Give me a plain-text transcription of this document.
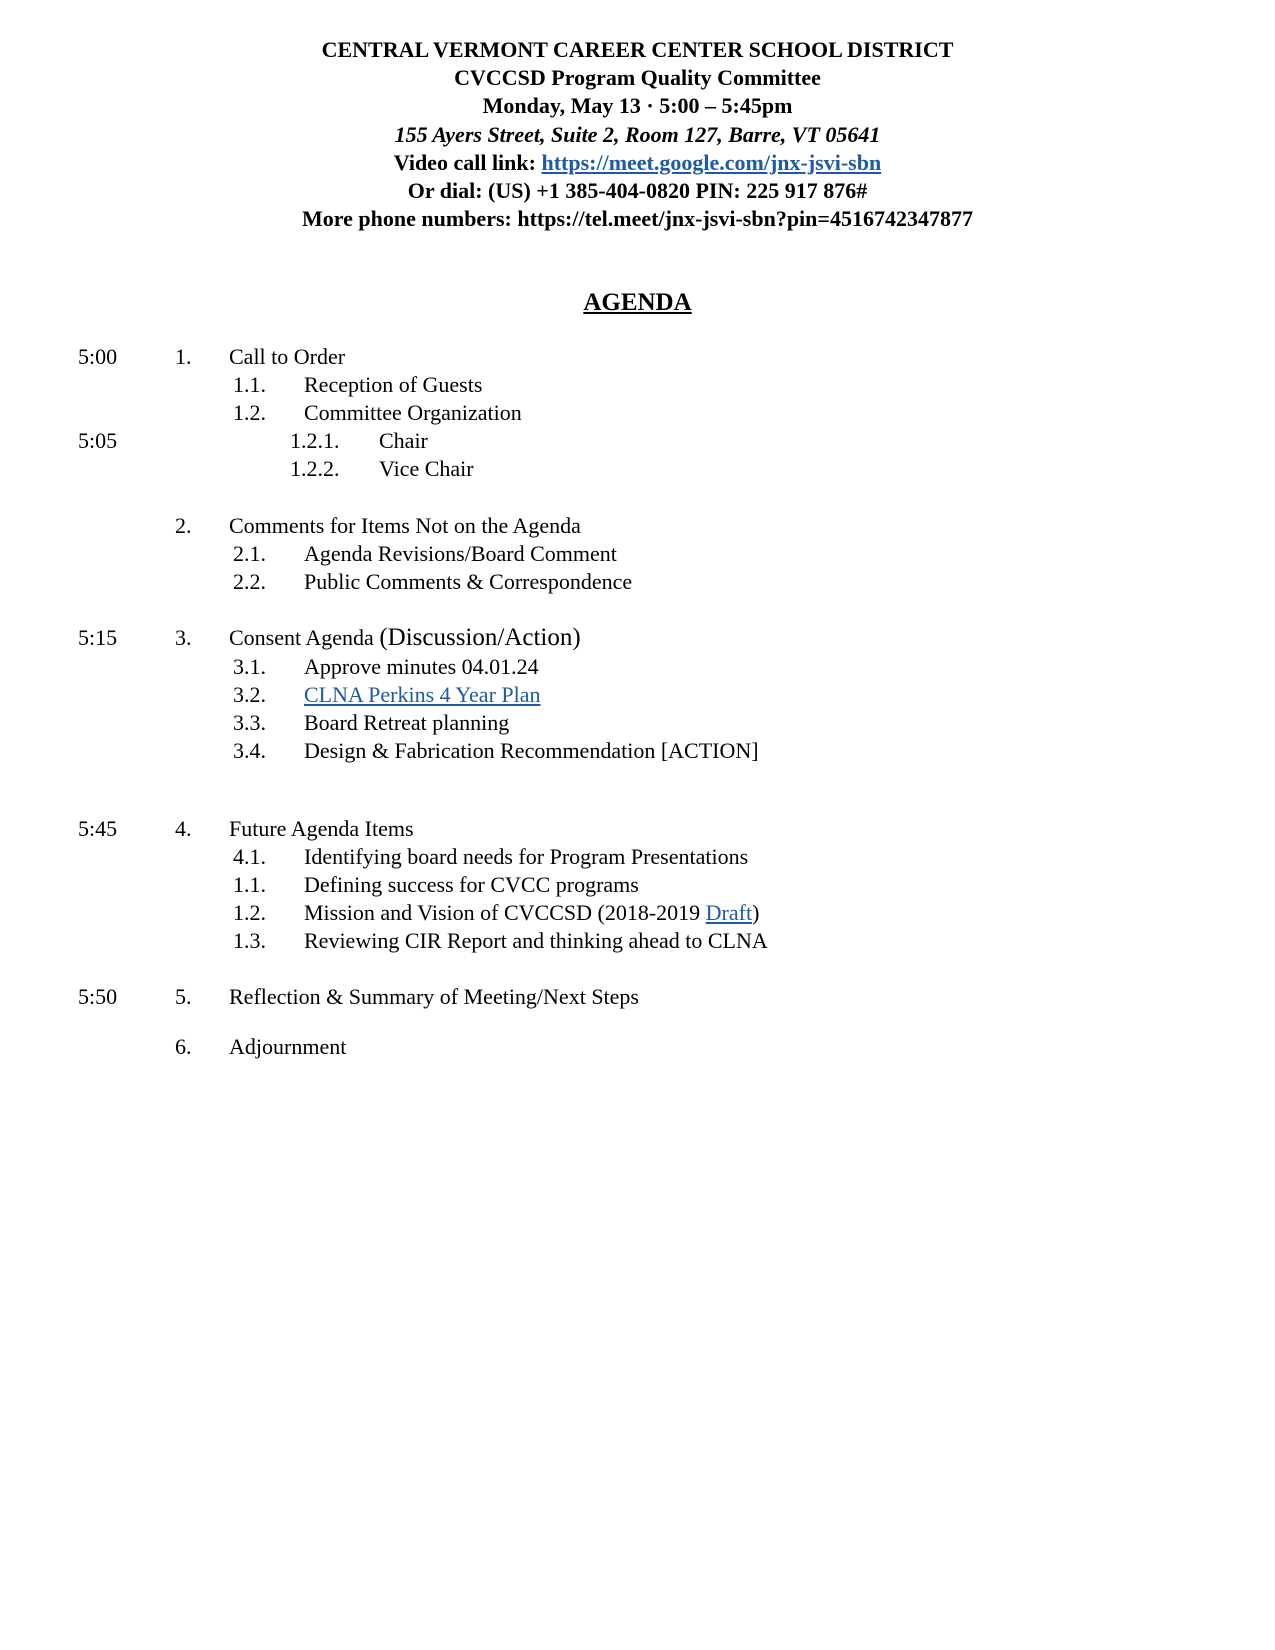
CENTRAL VERMONT CAREER CENTER SCHOOL DISTRICT
CVCCSD Program Quality Committee
Monday, May 13 · 5:00 – 5:45pm
155 Ayers Street, Suite 2, Room 127, Barre, VT 05641
Video call link: https://meet.google.com/jnx-jsvi-sbn
Or dial: (US) +1 385-404-0820 PIN: 225 917 876#
More phone numbers: https://tel.meet/jnx-jsvi-sbn?pin=4516742347877
AGENDA
5:00	1. Call to Order
1.1. Reception of Guests
1.2. Committee Organization
5:05	1.2.1. Chair
1.2.2. Vice Chair
2. Comments for Items Not on the Agenda
2.1. Agenda Revisions/Board Comment
2.2. Public Comments & Correspondence
5:15	3. Consent Agenda (Discussion/Action)
3.1. Approve minutes 04.01.24
3.2. CLNA Perkins 4 Year Plan
3.3. Board Retreat planning
3.4. Design & Fabrication Recommendation [ACTION]
5:45	4. Future Agenda Items
4.1. Identifying board needs for Program Presentations
1.1. Defining success for CVCC programs
1.2. Mission and Vision of CVCCSD (2018-2019 Draft)
1.3. Reviewing CIR Report and thinking ahead to CLNA
5:50	5. Reflection & Summary of Meeting/Next Steps
6. Adjournment
